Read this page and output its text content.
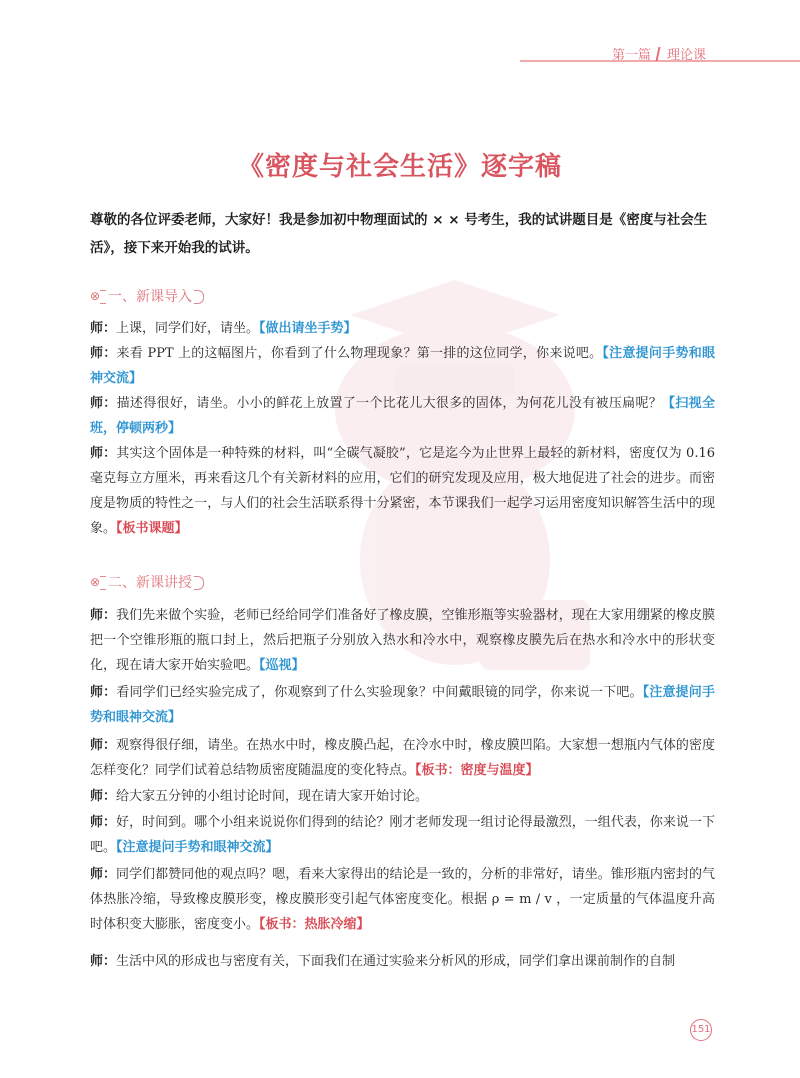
第一篇 理论课
《密度与社会生活》逐字稿
尊敬的各位评委老师，大家好！我是参加初中物理面试的 × × 号考生，我的试讲题目是《密度与社会生活》，接下来开始我的试讲。
⊗ 一、新课导入
师：上课，同学们好，请坐。【做出请坐手势】
师：来看 PPT 上的这幅图片，你看到了什么物理现象？第一排的这位同学，你来说吧。【注意提问手势和眼神交流】
师：描述得很好，请坐。小小的鲜花上放置了一个比花儿大很多的固体，为何花儿没有被压扁呢？【扫视全班，停顿两秒】
师：其实这个固体是一种特殊的材料，叫“全碳气凝胶”，它是迄今为止世界上最轻的新材料，密度仅为 0.16 毫克每立方厘米，再来看这几个有关新材料的应用，它们的研究发现及应用，极大地促进了社会的进步。而密度是物质的特性之一，与人们的社会生活联系得十分紧密，本节课我们一起学习运用密度知识解答生活中的现象。【板书课题】
⊗ 二、新课讲授
师：我们先来做个实验，老师已经给同学们准备好了橡皮膜，空锥形瓶等实验器材，现在大家用绷紧的橡皮膜把一个空锥形瓶的瓶口封上，然后把瓶子分别放入热水和冷水中，观察橡皮膜先后在热水和冷水中的形状变化，现在请大家开始实验吧。【巡视】
师：看同学们已经实验完成了，你观察到了什么实验现象？中间戴眼镜的同学，你来说一下吧。【注意提问手势和眼神交流】
师：观察得很仔细，请坐。在热水中时，橡皮膜凸起，在冷水中时，橡皮膜凹陷。大家想一想瓶内气体的密度怎样变化？同学们试着总结物质密度随温度的变化特点。【板书：密度与温度】
师：给大家五分钟的小组讨论时间，现在请大家开始讨论。
师：好，时间到。哪个小组来说说你们得到的结论？刚才老师发现一组讨论得最激烈，一组代表，你来说一下吧。【注意提问手势和眼神交流】
师：同学们都赞同他的观点吗？嗯，看来大家得出的结论是一致的，分析的非常好，请坐。锥形瓶内密封的气体热胀冷缩，导致橡皮膜形变，橡皮膜形变引起气体密度变化。根据 ρ = m / v ，一定质量的气体温度升高时体积变大膨胀，密度变小。【板书：热胀冷缩】
师：生活中风的形成也与密度有关，下面我们在通过实验来分析风的形成，同学们拿出课前制作的自制
151
